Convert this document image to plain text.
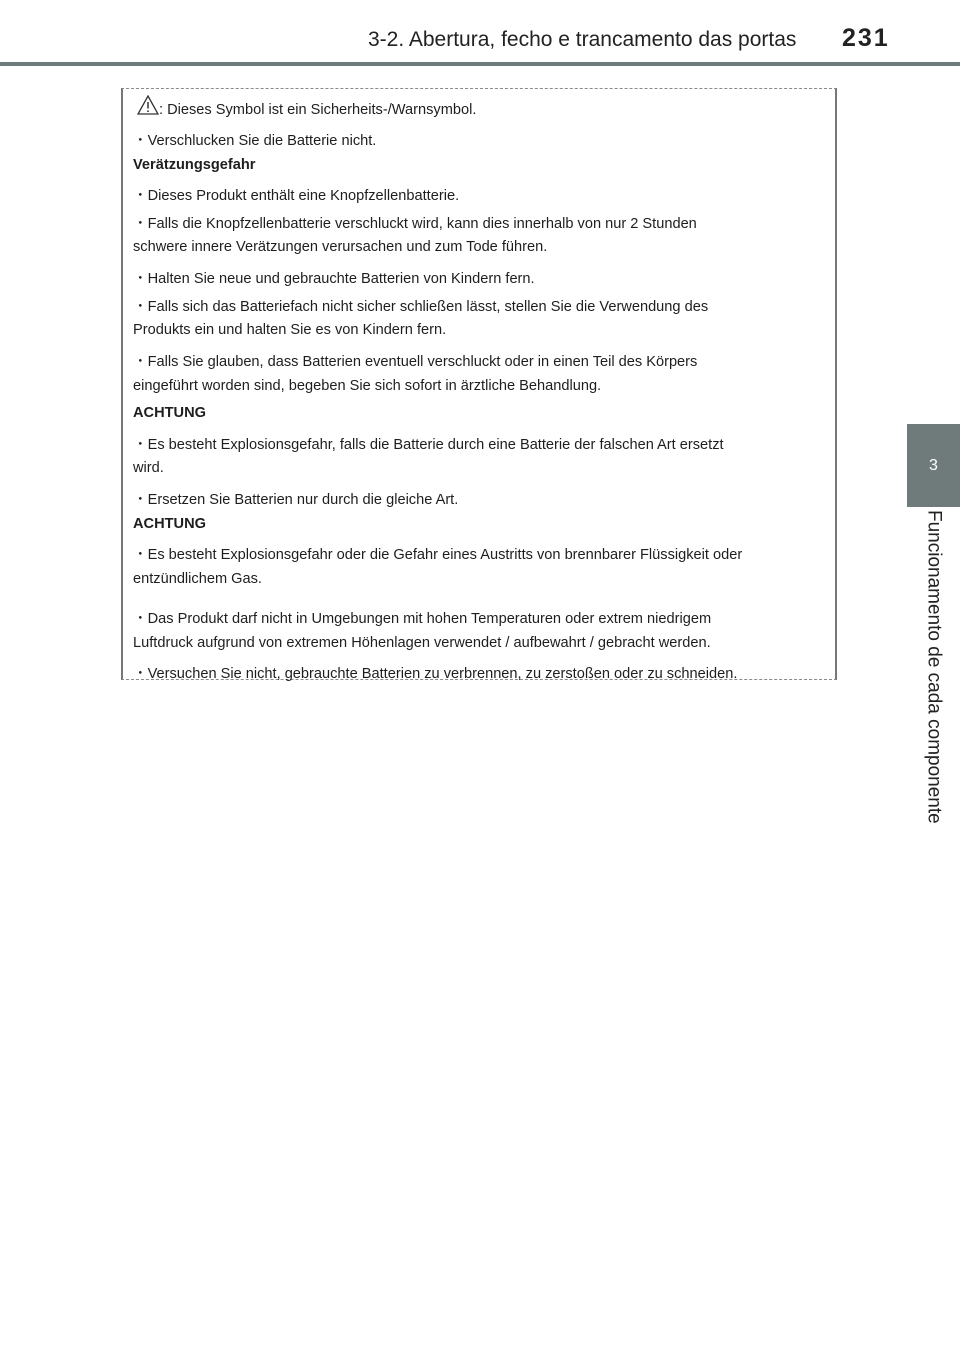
3-2. Abertura, fecho e trancamento das portas 231
3
Funcionamento de cada componente
: Dieses Symbol ist ein Sicherheits-/Warnsymbol.
・Verschlucken Sie die Batterie nicht.
Verätzungsgefahr
・Dieses Produkt enthält eine Knopfzellenbatterie.
・Falls die Knopfzellenbatterie verschluckt wird, kann dies innerhalb von nur 2 Stunden
schwere innere Verätzungen verursachen und zum Tode führen.
・Halten Sie neue und gebrauchte Batterien von Kindern fern.
・Falls sich das Batteriefach nicht sicher schließen lässt, stellen Sie die Verwendung des
Produkts ein und halten Sie es von Kindern fern.
・Falls Sie glauben, dass Batterien eventuell verschluckt oder in einen Teil des Körpers
eingeführt worden sind, begeben Sie sich sofort in ärztliche Behandlung.
ACHTUNG
・Es besteht Explosionsgefahr, falls die Batterie durch eine Batterie der falschen Art ersetzt
wird.
・Ersetzen Sie Batterien nur durch die gleiche Art.
ACHTUNG
・Es besteht Explosionsgefahr oder die Gefahr eines Austritts von brennbarer Flüssigkeit oder
entzündlichem Gas.
・Das Produkt darf nicht in Umgebungen mit hohen Temperaturen oder extrem niedrigem
Luftdruck aufgrund von extremen Höhenlagen verwendet / aufbewahrt / gebracht werden.
・Versuchen Sie nicht, gebrauchte Batterien zu verbrennen, zu zerstoßen oder zu schneiden.
